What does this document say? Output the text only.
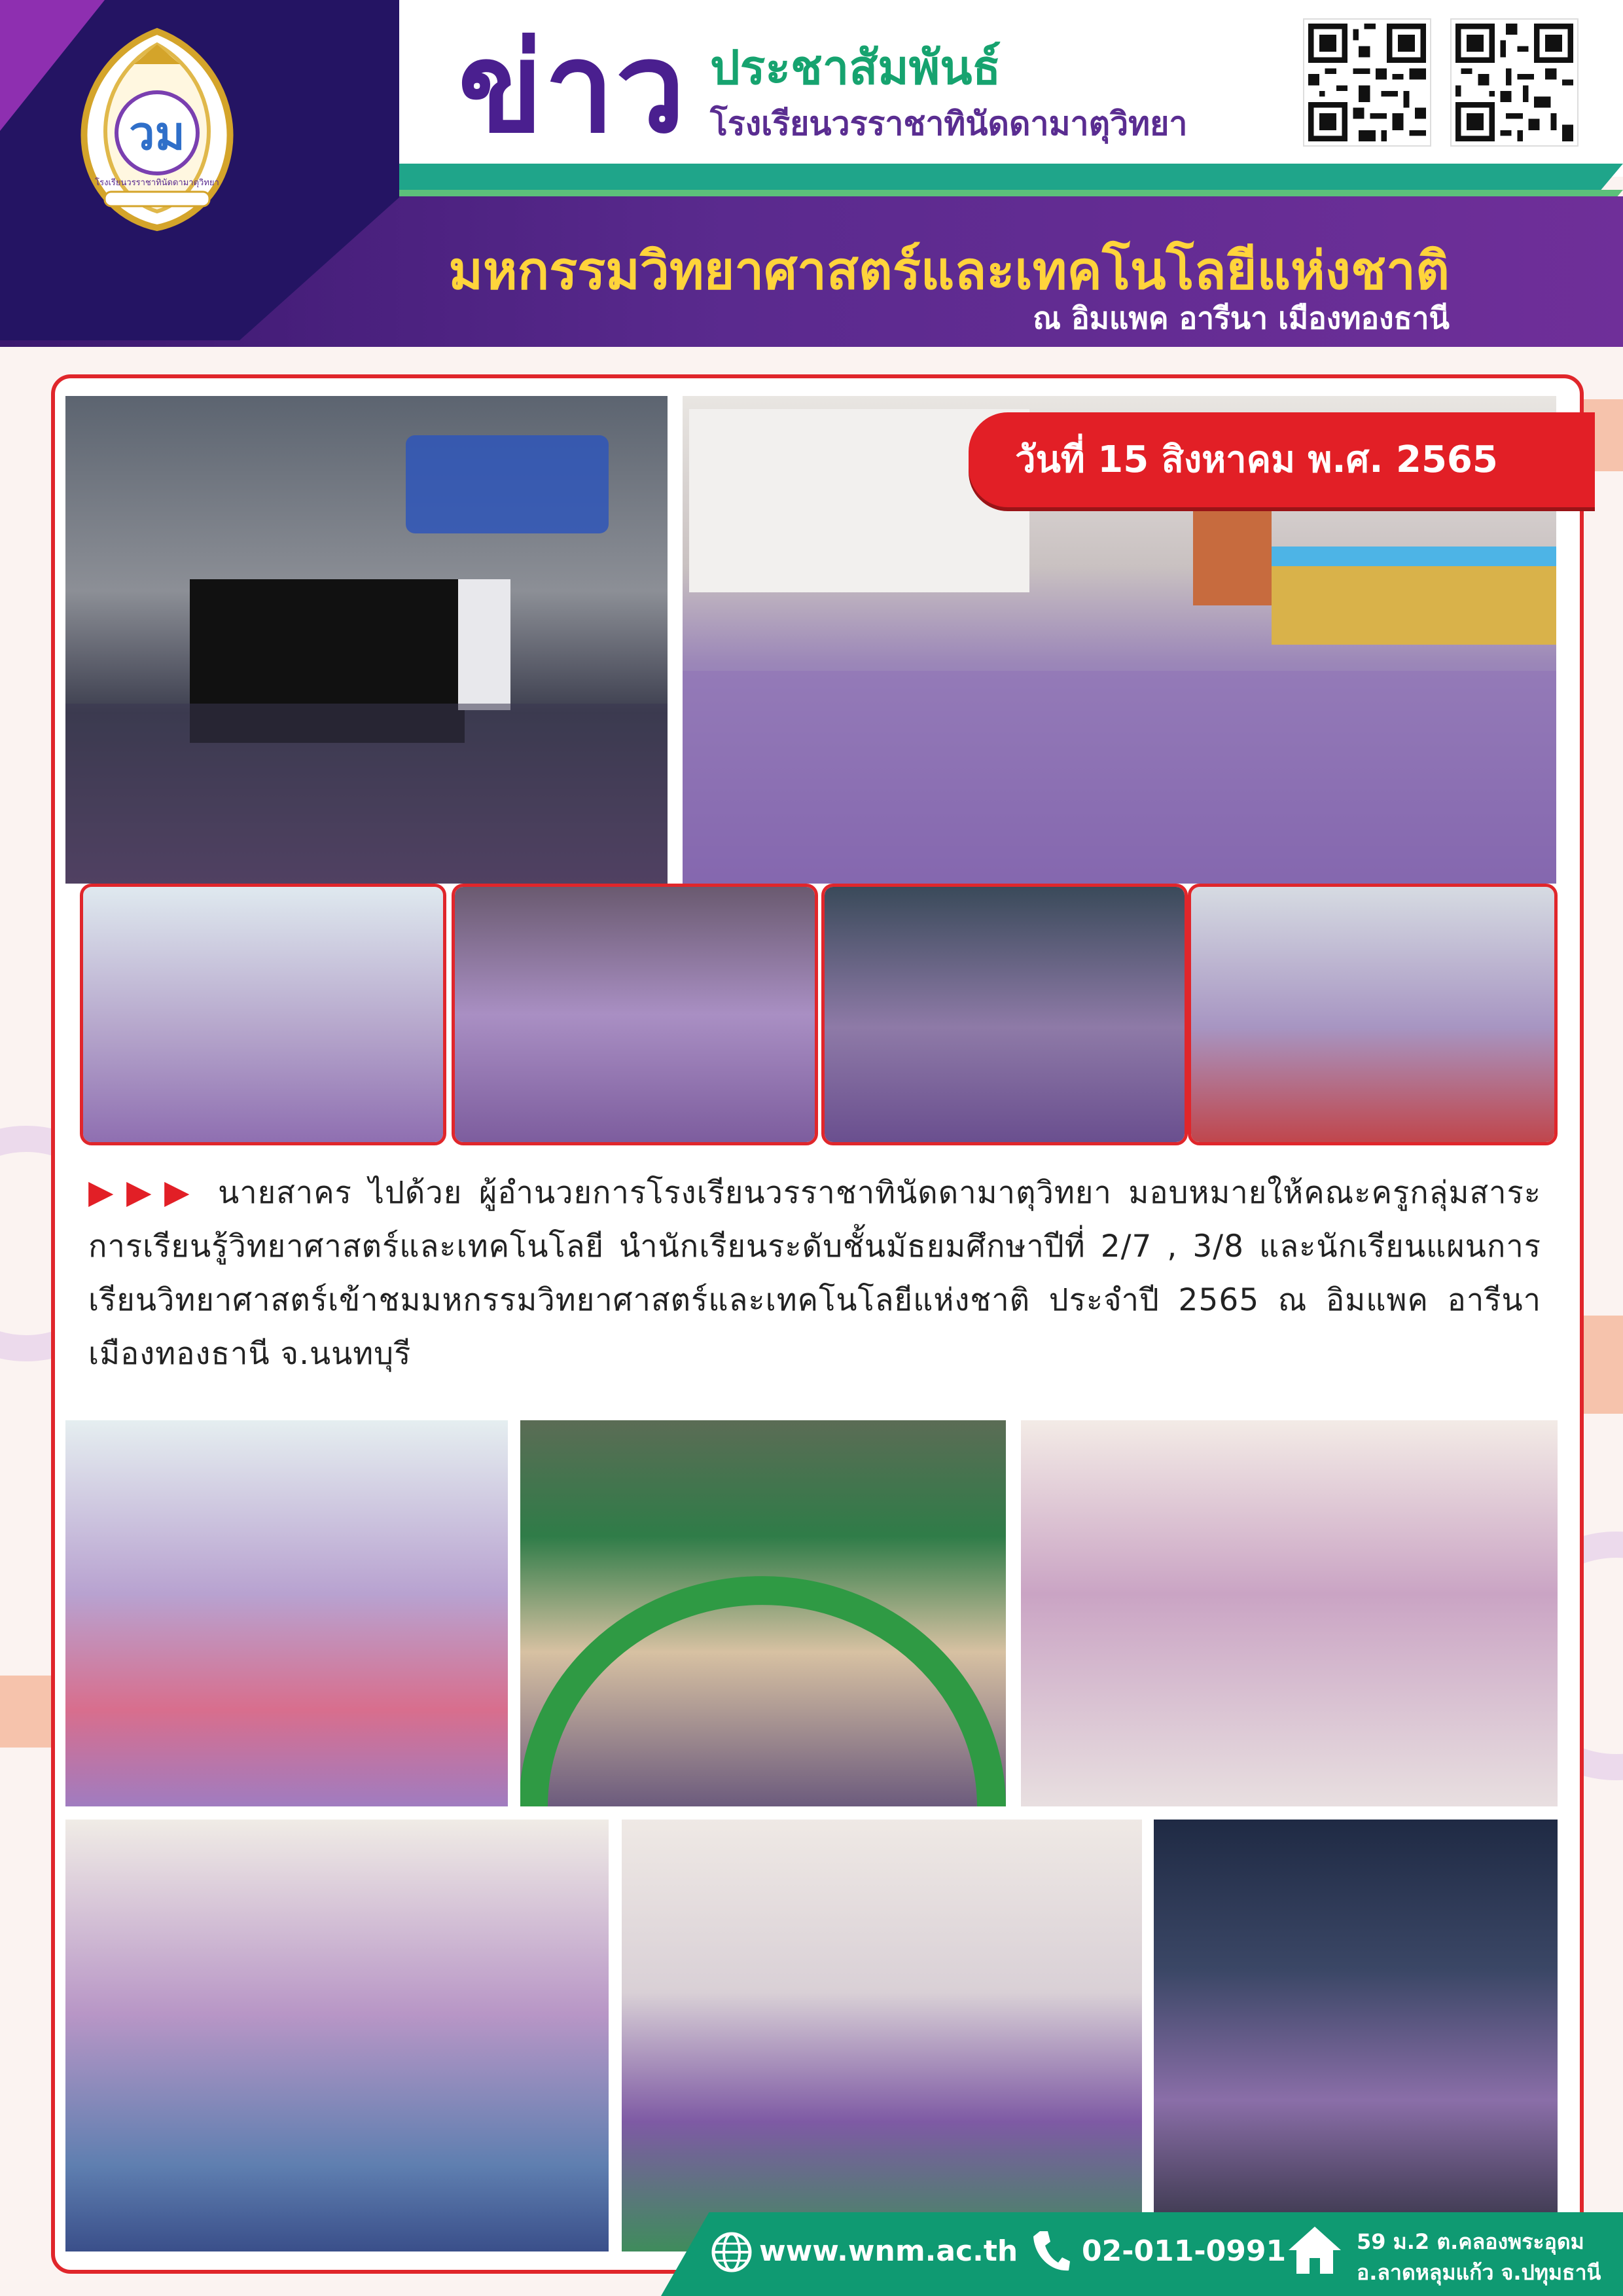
วม
โรงเรียนวรราชาทินัดดามาตุวิทยา
ข่าว ประชาสัมพันธ์
โรงเรียนวรราชาทินัดดามาตุวิทยา
มหกรรมวิทยาศาสตร์และเทคโนโลยีแห่งชาติ
ณ อิมแพค อารีนา เมืองทองธานี
วันที่ 15 สิงหาคม พ.ศ. 2565
▶▶▶ นายสาคร ไปด้วย ผู้อำนวยการโรงเรียนวรราชาทินัดดามาตุวิทยา มอบหมายให้คณะครูกลุ่มสาระการเรียนรู้วิทยาศาสตร์และเทคโนโลยี นำนักเรียนระดับชั้นมัธยมศึกษาปีที่ 2/7 , 3/8 และนักเรียนแผนการเรียนวิทยาศาสตร์เข้าชมมหกรรมวิทยาศาสตร์และเทคโนโลยีแห่งชาติ ประจำปี 2565 ณ อิมแพค อารีนา เมืองทองธานี จ.นนทบุรี
www.wnm.ac.th 02-011-0991	59 ม.2 ต.คลองพระอุดม
อ.ลาดหลุมแก้ว จ.ปทุมธานี
